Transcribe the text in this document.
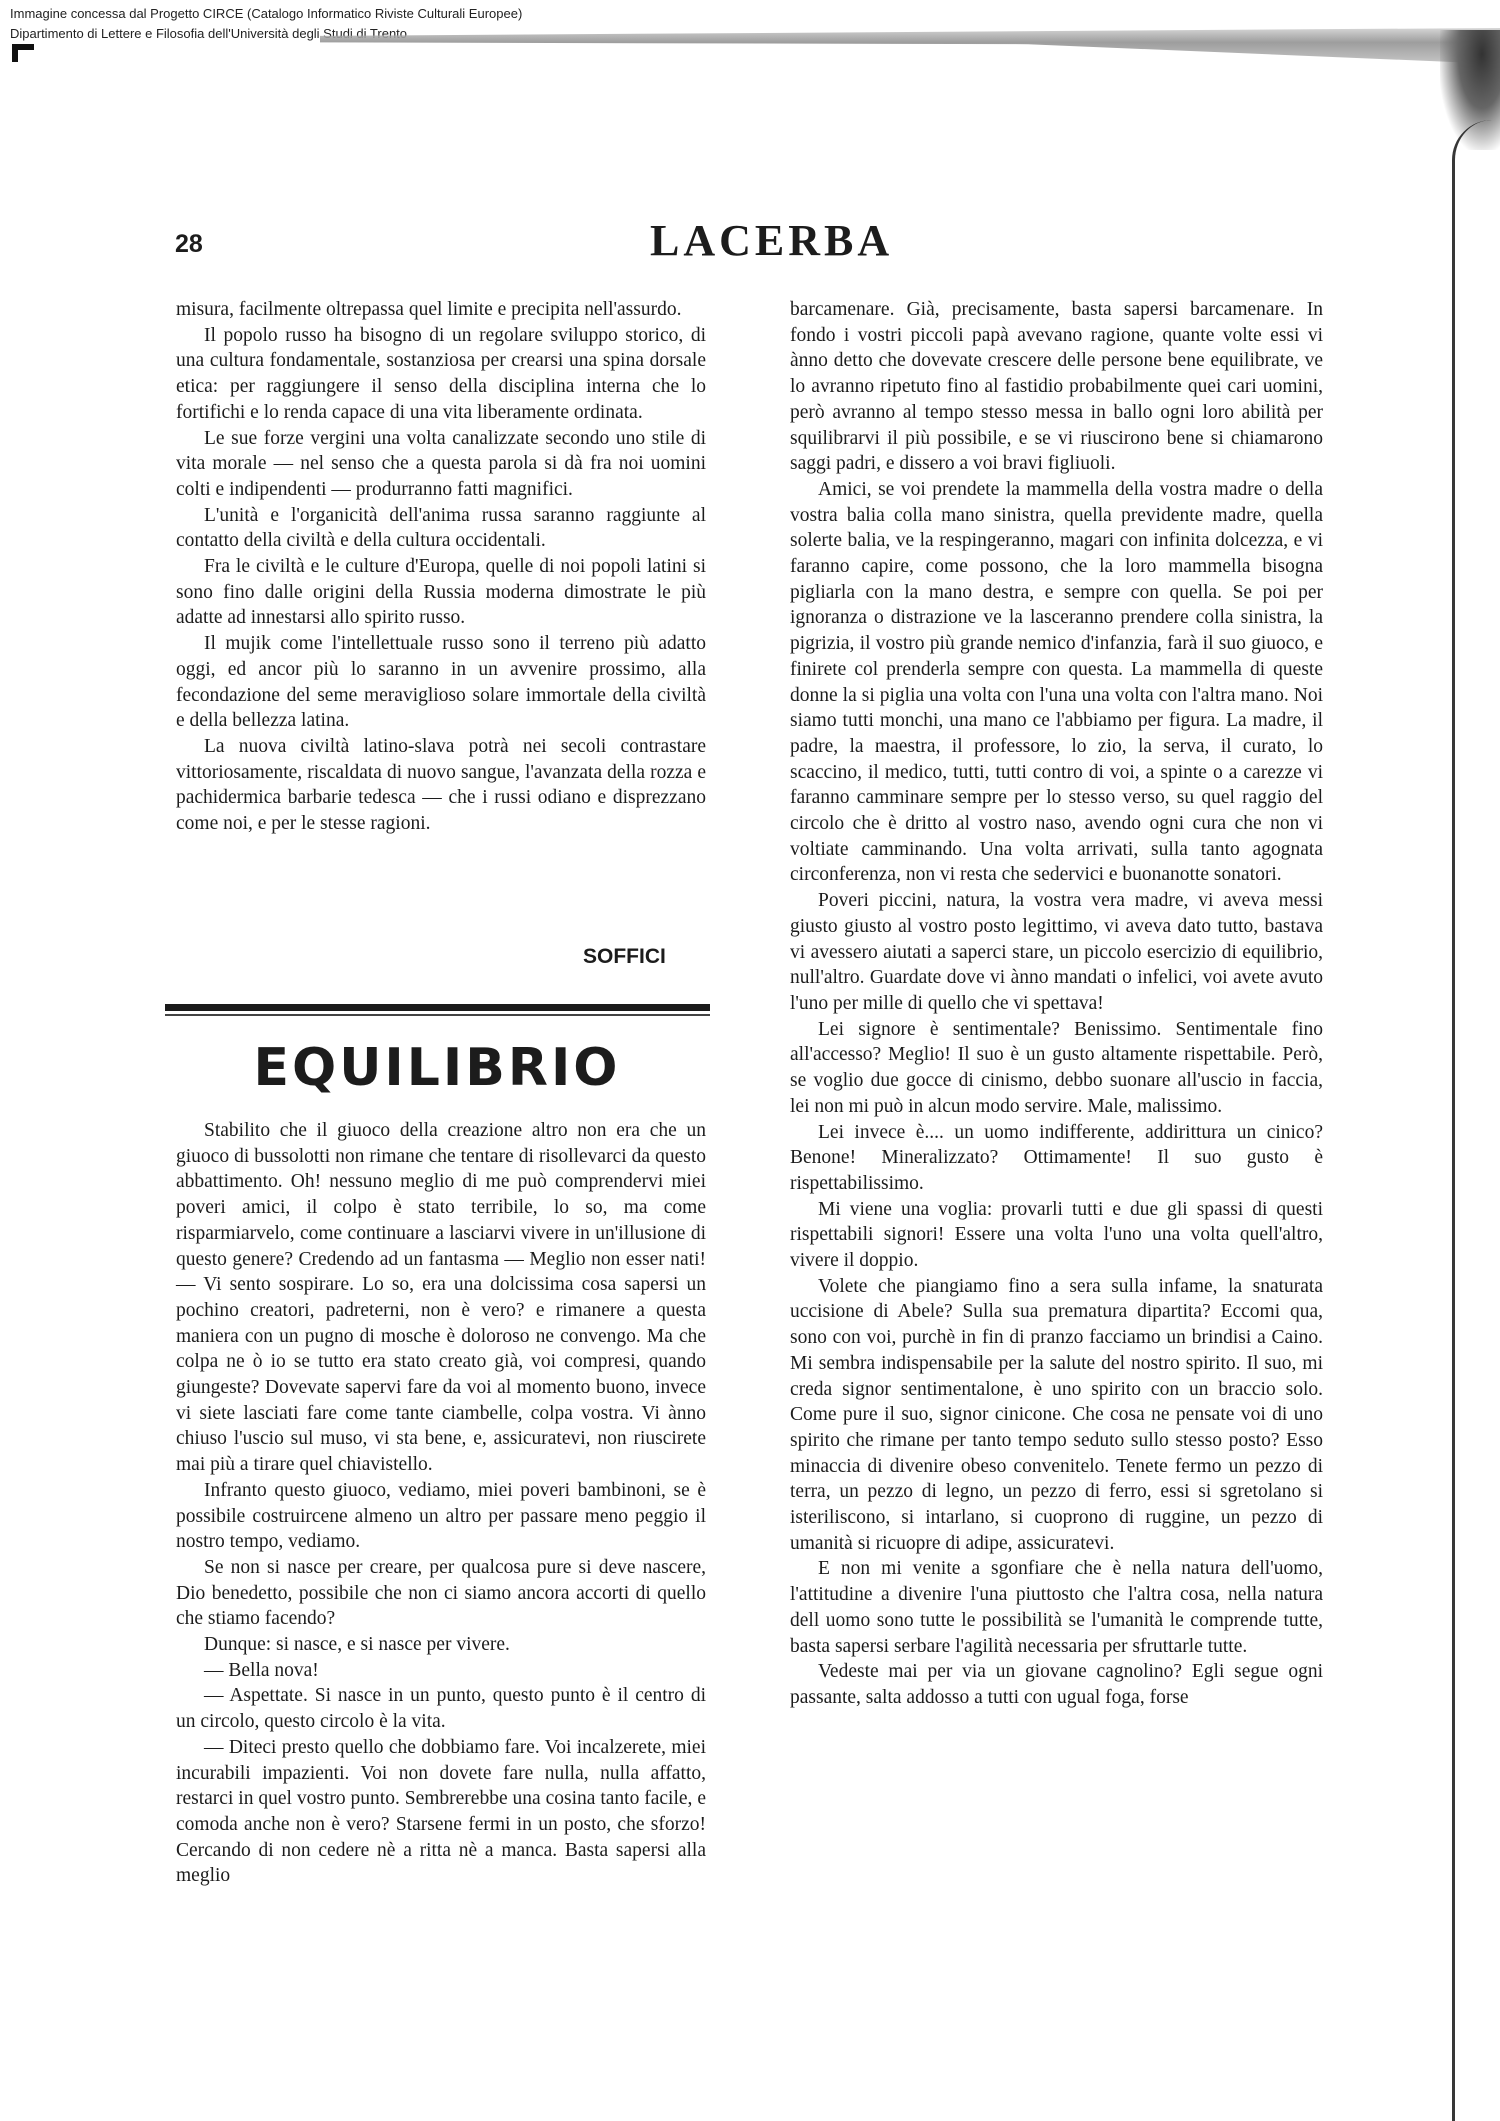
Immagine concessa dal Progetto CIRCE (Catalogo Informatico Riviste Culturali Europee)
Dipartimento di Lettere e Filosofia dell'Università degli Studi di Trento
28	LACERBA

misura, facilmente oltrepassa quel limite e precipita nell'assurdo.

Il popolo russo ha bisogno di un regolare sviluppo storico, di una cultura fondamentale, sostanziosa per crearsi una spina dorsale etica: per raggiungere il senso della disciplina interna che lo fortifichi e lo renda capace di una vita liberamente ordinata.

Le sue forze vergini una volta canalizzate secondo uno stile di vita morale — nel senso che a questa parola si dà fra noi uomini colti e indipendenti — produrranno fatti magnifici.

L'unità e l'organicità dell'anima russa saranno raggiunte al contatto della civiltà e della cultura occidentali.

Fra le civiltà e le culture d'Europa, quelle di noi popoli latini si sono fino dalle origini della Russia moderna dimostrate le più adatte ad innestarsi allo spirito russo.

Il mujik come l'intellettuale russo sono il terreno più adatto oggi, ed ancor più lo saranno in un avvenire prossimo, alla fecondazione del seme meraviglioso solare immortale della civiltà e della bellezza latina.

La nuova civiltà latino-slava potrà nei secoli contrastare vittoriosamente, riscaldata di nuovo sangue, l'avanzata della rozza e pachidermica barbarie tedesca — che i russi odiano e disprezzano come noi, e per le stesse ragioni.

SOFFICI
EQUILIBRIO

Stabilito che il giuoco della creazione altro non era che un giuoco di bussolotti non rimane che tentare di risollevarci da questo abbattimento. Oh! nessuno meglio di me può comprendervi miei poveri amici, il colpo è stato terribile, lo so, ma come risparmiarvelo, come continuare a lasciarvi vivere in un'illusione di questo genere? Credendo ad un fantasma — Meglio non esser nati! — Vi sento sospirare. Lo so, era una dolcissima cosa sapersi un pochino creatori, padreterni, non è vero? e rimanere a questa maniera con un pugno di mosche è doloroso ne convengo. Ma che colpa ne ò io se tutto era stato creato già, voi compresi, quando giungeste? Dovevate sapervi fare da voi al momento buono, invece vi siete lasciati fare come tante ciambelle, colpa vostra. Vi ànno chiuso l'uscio sul muso, vi sta bene, e, assicuratevi, non riuscirete mai più a tirare quel chiavistello.

Infranto questo giuoco, vediamo, miei poveri bambinoni, se è possibile costruircene almeno un altro per passare meno peggio il nostro tempo, vediamo.

Se non si nasce per creare, per qualcosa pure si deve nascere, Dio benedetto, possibile che non ci siamo ancora accorti di quello che stiamo facendo?

Dunque: si nasce, e si nasce per vivere.

— Bella nova!

— Aspettate. Si nasce in un punto, questo punto è il centro di un circolo, questo circolo è la vita.

— Diteci presto quello che dobbiamo fare. Voi incalzerete, miei incurabili impazienti. Voi non dovete fare nulla, nulla affatto, restarci in quel vostro punto. Sembrerebbe una cosina tanto facile, e comoda anche non è vero? Starsene fermi in un posto, che sforzo! Cercando di non cedere nè a ritta nè a manca. Basta sapersi alla meglio

barcamenare. Già, precisamente, basta sapersi barcamenare. In fondo i vostri piccoli papà avevano ragione, quante volte essi vi ànno detto che dovevate crescere delle persone bene equilibrate, ve lo avranno ripetuto fino al fastidio probabilmente quei cari uomini, però avranno al tempo stesso messa in ballo ogni loro abilità per squilibrarvi il più possibile, e se vi riuscirono bene si chiamarono saggi padri, e dissero a voi bravi figliuoli.

Amici, se voi prendete la mammella della vostra madre o della vostra balia colla mano sinistra, quella previdente madre, quella solerte balia, ve la respingeranno, magari con infinita dolcezza, e vi faranno capire, come possono, che la loro mammella bisogna pigliarla con la mano destra, e sempre con quella. Se poi per ignoranza o distrazione ve la lasceranno prendere colla sinistra, la pigrizia, il vostro più grande nemico d'infanzia, farà il suo giuoco, e finirete col prenderla sempre con questa. La mammella di queste donne la si piglia una volta con l'una una volta con l'altra mano. Noi siamo tutti monchi, una mano ce l'abbiamo per figura. La madre, il padre, la maestra, il professore, lo zio, la serva, il curato, lo scaccino, il medico, tutti, tutti contro di voi, a spinte o a carezze vi faranno camminare sempre per lo stesso verso, su quel raggio del circolo che è dritto al vostro naso, avendo ogni cura che non vi voltiate camminando. Una volta arrivati, sulla tanto agognata circonferenza, non vi resta che sedervici e buonanotte sonatori.

Poveri piccini, natura, la vostra vera madre, vi aveva messi giusto giusto al vostro posto legittimo, vi aveva dato tutto, bastava vi avessero aiutati a saperci stare, un piccolo esercizio di equilibrio, null'altro. Guardate dove vi ànno mandati o infelici, voi avete avuto l'uno per mille di quello che vi spettava!

Lei signore è sentimentale? Benissimo. Sentimentale fino all'accesso? Meglio! Il suo è un gusto altamente rispettabile. Però, se voglio due gocce di cinismo, debbo suonare all'uscio in faccia, lei non mi può in alcun modo servire. Male, malissimo.

Lei invece è.... un uomo indifferente, addirittura un cinico? Benone! Mineralizzato? Ottimamente! Il suo gusto è rispettabilissimo.

Mi viene una voglia: provarli tutti e due gli spassi di questi rispettabili signori! Essere una volta l'uno una volta quell'altro, vivere il doppio.

Volete che piangiamo fino a sera sulla infame, la snaturata uccisione di Abele? Sulla sua prematura dipartita? Eccomi qua, sono con voi, purchè in fin di pranzo facciamo un brindisi a Caino. Mi sembra indispensabile per la salute del nostro spirito. Il suo, mi creda signor sentimentalone, è uno spirito con un braccio solo. Come pure il suo, signor cinicone. Che cosa ne pensate voi di uno spirito che rimane per tanto tempo seduto sullo stesso posto? Esso minaccia di divenire obeso convenitelo. Tenete fermo un pezzo di terra, un pezzo di legno, un pezzo di ferro, essi si sgretolano si isteriliscono, si intarlano, si cuoprono di ruggine, un pezzo di umanità si ricuopre di adipe, assicuratevi.

E non mi venite a sgonfiare che è nella natura dell'uomo, l'attitudine a divenire l'una piuttosto che l'altra cosa, nella natura dell uomo sono tutte le possibilità se l'umanità le comprende tutte, basta sapersi serbare l'agilità necessaria per sfruttarle tutte.

Vedeste mai per via un giovane cagnolino? Egli segue ogni passante, salta addosso a tutti con ugual foga, forse
